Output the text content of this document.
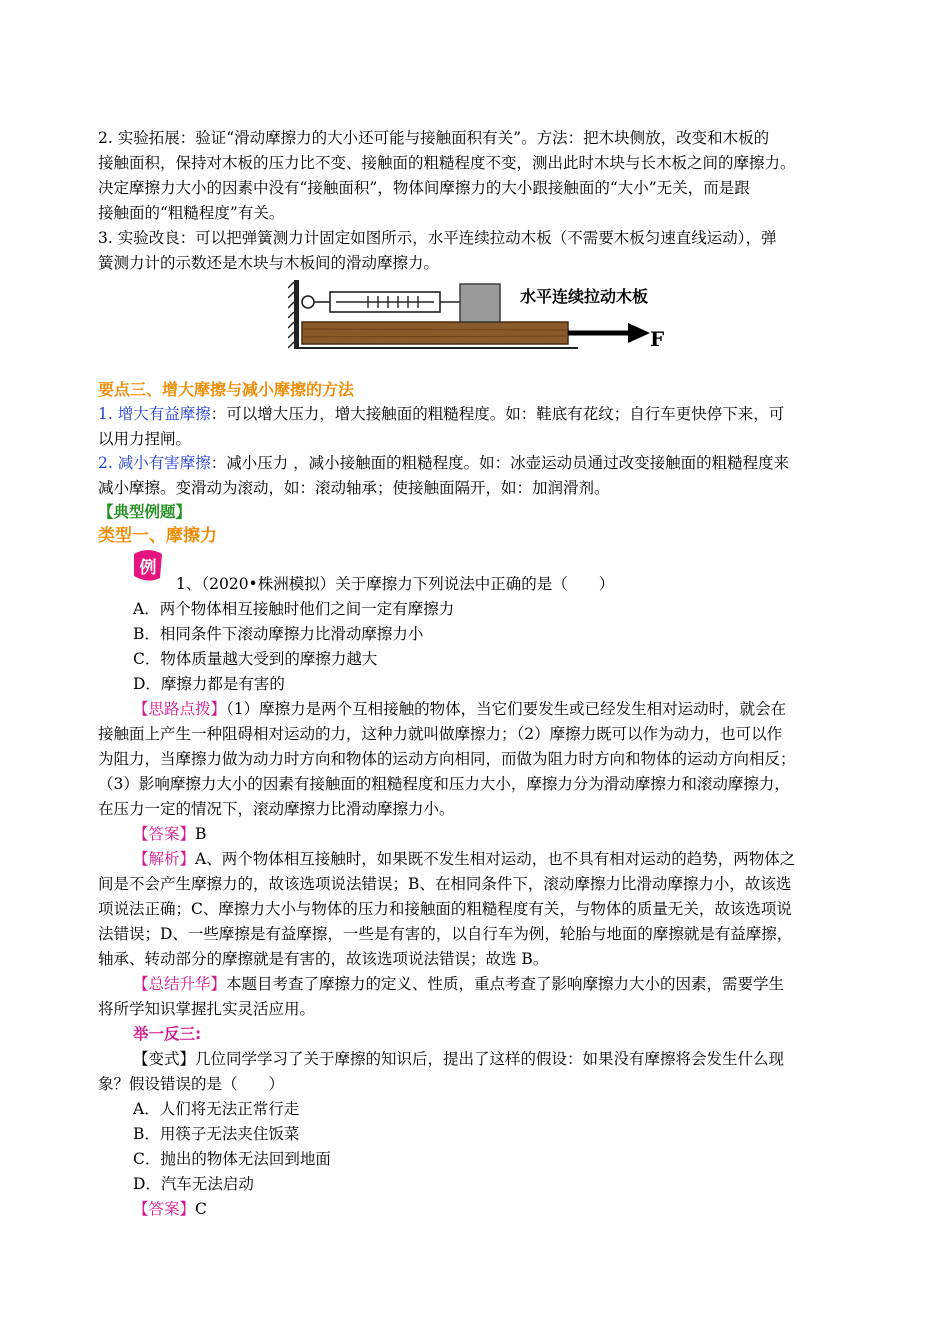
2. 实验拓展：验证“滑动摩擦力的大小还可能与接触面积有关”。方法：把木块侧放，改变和木板的
接触面积，保持对木板的压力比不变、接触面的粗糙程度不变，测出此时木块与长木板之间的摩擦力。
决定摩擦力大小的因素中没有“接触面积”，物体间摩擦力的大小跟接触面的“大小”无关，而是跟
接触面的“粗糙程度”有关。
3. 实验改良：可以把弹簧测力计固定如图所示，水平连续拉动木板（不需要木板匀速直线运动），弹
簧测力计的示数还是木块与木板间的滑动摩擦力。
水平连续拉动木板
F
要点三、增大摩擦与减小摩擦的方法
1. 增大有益摩擦：可以增大压力，增大接触面的粗糙程度。如：鞋底有花纹；自行车更快停下来，可
以用力捏闸。
2. 减小有害摩擦：减小压力 ，减小接触面的粗糙程度。如：冰壶运动员通过改变接触面的粗糙程度来
减小摩擦。变滑动为滚动，如：滚动轴承；使接触面隔开，如：加润滑剂。
【典型例题】
类型一、摩擦力
例
1、（2020•株洲模拟）关于摩擦力下列说法中正确的是（　　）
A．两个物体相互接触时他们之间一定有摩擦力
B．相同条件下滚动摩擦力比滑动摩擦力小
C．物体质量越大受到的摩擦力越大
D．摩擦力都是有害的
【思路点拨】（1）摩擦力是两个互相接触的物体，当它们要发生或已经发生相对运动时，就会在
接触面上产生一种阻碍相对运动的力，这种力就叫做摩擦力；（2）摩擦力既可以作为动力，也可以作
为阻力，当摩擦力做为动力时方向和物体的运动方向相同，而做为阻力时方向和物体的运动方向相反；
（3）影响摩擦力大小的因素有接触面的粗糙程度和压力大小，摩擦力分为滑动摩擦力和滚动摩擦力，
在压力一定的情况下，滚动摩擦力比滑动摩擦力小。
【答案】B
【解析】A、两个物体相互接触时，如果既不发生相对运动，也不具有相对运动的趋势，两物体之
间是不会产生摩擦力的，故该选项说法错误；B、在相同条件下，滚动摩擦力比滑动摩擦力小，故该选
项说法正确；C、摩擦力大小与物体的压力和接触面的粗糙程度有关，与物体的质量无关，故该选项说
法错误；D、一些摩擦是有益摩擦，一些是有害的，以自行车为例，轮胎与地面的摩擦就是有益摩擦，
轴承、转动部分的摩擦就是有害的，故该选项说法错误；故选 B。
【总结升华】本题目考查了摩擦力的定义、性质，重点考查了影响摩擦力大小的因素，需要学生
将所学知识掌握扎实灵活应用。
举一反三:
【变式】几位同学学习了关于摩擦的知识后，提出了这样的假设：如果没有摩擦将会发生什么现
象？假设错误的是（　　）
A．人们将无法正常行走
B．用筷子无法夹住饭菜
C．抛出的物体无法回到地面
D．汽车无法启动
【答案】C
